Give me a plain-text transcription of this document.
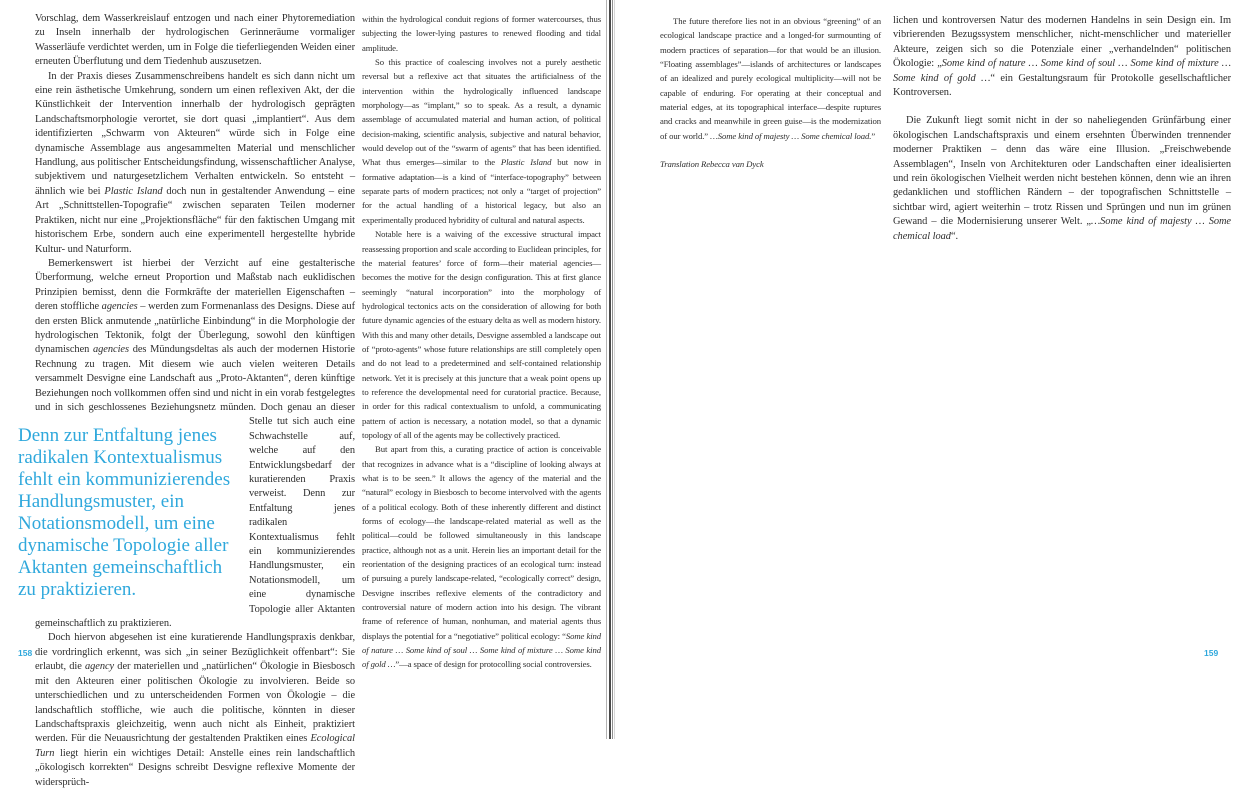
Vorschlag, dem Wasserkreislauf entzogen und nach einer Phytoremediation zu Inseln innerhalb der hydrologischen Gerinneräume vormaliger Wasserläufe verdichtet werden, um in Folge die tieferliegenden Weiden einer erneuten Überflutung und dem Tiedenhub auszusetzen.

In der Praxis dieses Zusammenschreibens handelt es sich dann nicht um eine rein ästhetische Umkehrung, sondern um einen reflexiven Akt, der die Künstlichkeit der Intervention innerhalb der hydrologisch geprägten Landschaftsmorphologie verortet, sie dort quasi „implantiert“. Aus dem identifizierten „Schwarm von Akteuren“ würde sich in Folge eine dynamische Assemblage aus angesammelten Material und menschlicher Handlung, aus politischer Entscheidungsfindung, wissenschaftlicher Analyse, subjektivem und naturgesetzlichem Verhalten entwickeln. So entsteht – ähnlich wie bei Plastic Island doch nun in gestaltender Anwendung – eine Art „Schnittstellen-Topografie“ zwischen separaten Teilen moderner Praktiken, nicht nur eine „Projektionsfläche“ für den faktischen Umgang mit historischem Erbe, sondern auch eine experimentell hergestellte hybride Kultur- und Naturform.

Bemerkenswert ist hierbei der Verzicht auf eine gestalterische Überformung, welche erneut Proportion und Maßstab nach euklidischen Prinzipien bemisst, denn die Formkräfte der materiellen Eigenschaften – deren stoffliche agencies – werden zum Formenanlass des Designs. Diese auf den ersten Blick anmutende „natürliche Einbindung“ in die Morphologie der hydrologischen Tektonik, folgt der Überlegung, sowohl den künftigen dynamischen agencies des Mündungsdeltas als auch der modernen Historie Rechnung zu tragen. Mit diesem wie auch vielen weiteren Details versammelt Desvigne eine Landschaft aus „Proto-Aktanten“, deren künftige Beziehungen noch vollkommen offen sind und nicht in ein vorab festgelegtes und in sich geschlossenes Beziehungsnetz münden. Doch genau an
Denn zur Entfaltung jenes radikalen Kontextualismus fehlt ein kommunizierendes Handlungsmuster, ein Notationsmodell, um eine dynamische Topologie aller Aktanten gemeinschaftlich zu praktizieren.
dieser Stelle tut sich auch eine Schwachstelle auf, welche auf den Entwicklungsbedarf der kuratierenden Praxis verweist. Denn zur Entfaltung jenes radikalen Kontextualismus fehlt ein kommunizierendes Handlungsmuster, ein Notationsmodell, um eine dynamische Topologie aller Aktanten gemeinschaftlich zu praktizieren.

Doch hiervon abgesehen ist eine kuratierende Handlungspraxis denkbar, die vordringlich erkennt, was sich „in seiner Bezüglichkeit offenbart“: Sie erlaubt, die agency der materiellen und „natürlichen“ Ökologie in Biesbosch mit den Akteuren einer politischen Ökologie zu involvieren. Beide so unterschiedlichen und zu unterscheidenden Formen von Ökologie – die landschaftlich stoffliche, wie auch die politische, könnten in dieser Landschaftspraxis gleichzeitig, wenn auch nicht als Einheit, praktiziert werden. Für die Neuausrichtung der gestaltenden Praktiken eines Ecological Turn liegt hierin ein wichtiges Detail: Anstelle eines rein landschaftlich „ökologisch korrekten“ Designs schreibt Desvigne reflexive Momente der widersprüch-

within the hydrological conduit regions of former watercourses, thus subjecting the lower-lying pastures to renewed flooding and tidal amplitude.

So this practice of coalescing involves not a purely aesthetic reversal but a reflexive act that situates the artificialness of the intervention within the hydrologically influenced landscape morphology—as “implant,” so to speak. As a result, a dynamic assemblage of accumulated material and human action, of political decision-making, scientific analysis, subjective and natural behavior, would develop out of the “swarm of agents” that has been identified. What thus emerges—similar to the Plastic Island but now in formative adaptation—is a kind of “interface-topography” between separate parts of modern practices; not only a “target of projection” for the actual handling of a historical legacy, but also an experimentally produced hybridity of cultural and natural aspects.

Notable here is a waiving of the excessive structural impact reassessing proportion and scale according to Euclidean principles, for the material features’ force of form—their material agencies—becomes the motive for the design configuration. This at first glance seemingly “natural incorporation” into the morphology of hydrological tectonics acts on the consideration of allowing for both future dynamic agencies of the estuary delta as well as modern history. With this and many other details, Desvigne assembled a landscape out of “proto-agents” whose future relationships are still completely open and do not lead to a predetermined and self-contained relationship network. Yet it is precisely at this juncture that a weak point opens up to reference the developmental need for curatorial practice. Because, in order for this radical contextualism to unfold, a communicating pattern of action is necessary, a notation model, so that a dynamic topology of all of the agents may be collectively practiced.

But apart from this, a curating practice of action is conceivable that recognizes in advance what is a “discipline of looking always at what is to be seen.” It allows the agency of the material and the “natural” ecology in Biesbosch to become intervolved with the agents of a political ecology. Both of these inherently different and distinct forms of ecology—the landscape-related material as well as the political—could be followed simultaneously in this landscape practice, although not as a unit. Herein lies an important detail for the reorientation of the designing practices of an ecological turn: instead of pursuing a purely landscape-related, “ecologically correct” design, Desvigne inscribes reflexive elements of the contradictory and controversial nature of modern action into his design. The vibrant frame of reference of human, nonhuman, and material agents thus displays the potential for a “negotiative” political ecology: “Some kind of nature … Some kind of soul … Some kind of mixture … Some kind of gold …”—a space of design for protocolling social controversies.

158

The future therefore lies not in an obvious “greening” of an ecological landscape practice and a longed-for surmounting of modern practices of separation—for that would be an illusion. “Floating assemblages”—islands of architectures or landscapes of an idealized and purely ecological multiplicity—will not be capable of enduring. For operating at their conceptual and material edges, at its topographical interface—despite ruptures and cracks and meanwhile in green guise—is the modernization of our world.” …Some kind of majesty … Some chemical load.”

Translation Rebecca van Dyck

lichen und kontroversen Natur des modernen Handelns in sein Design ein. Im vibrierenden Bezugssystem menschlicher, nicht-menschlicher und materieller Akteure, zeigen sich so die Potenziale einer „verhandelnden“ politischen Ökologie: „Some kind of nature … Some kind of soul … Some kind of mixture … Some kind of gold …“ ein Gestaltungsraum für Protokolle gesellschaftlicher Kontroversen.

Die Zukunft liegt somit nicht in der so naheliegenden Grünfärbung einer ökologischen Landschaftspraxis und einem ersehnten Überwinden trennender moderner Praktiken – denn das wäre eine Illusion. „Freischwebende Assemblagen“, Inseln von Architekturen oder Landschaften einer idealisierten und rein ökologischen Vielheit werden nicht bestehen können, denn wie an ihren gedanklichen und stofflichen Rändern – der topografischen Schnittstelle – sichtbar wird, agiert weiterhin – trotz Rissen und Sprüngen und nun im grünen Gewand – die Modernisierung unserer Welt. „…Some kind of majesty … Some chemical load“.

159
